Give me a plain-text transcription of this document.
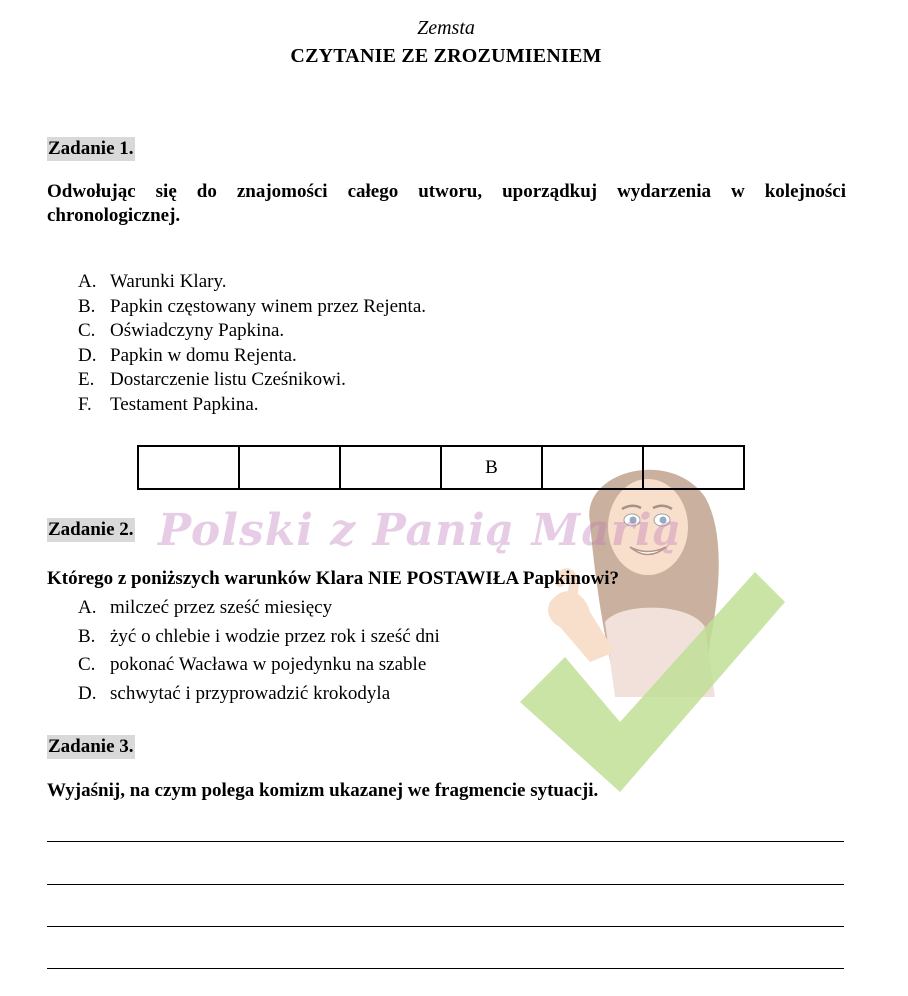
Zemsta
CZYTANIE ZE ZROZUMIENIEM
Polski z Panią Marią
Zadanie 1.
Odwołując się do znajomości całego utworu, uporządkuj wydarzenia w kolejności chronologicznej.
A. Warunki Klary.
B. Papkin częstowany winem przez Rejenta.
C. Oświadczyny Papkina.
D. Papkin w domu Rejenta.
E. Dostarczenie listu Cześnikowi.
F. Testament Papkina.
			B		
Zadanie 2.
Którego z poniższych warunków Klara NIE POSTAWIŁA Papkinowi?
A. milczeć przez sześć miesięcy
B. żyć o chlebie i wodzie przez rok i sześć dni
C. pokonać Wacława w pojedynku na szable
D. schwytać i przyprowadzić krokodyla
Zadanie 3.
Wyjaśnij, na czym polega komizm ukazanej we fragmencie sytuacji.
